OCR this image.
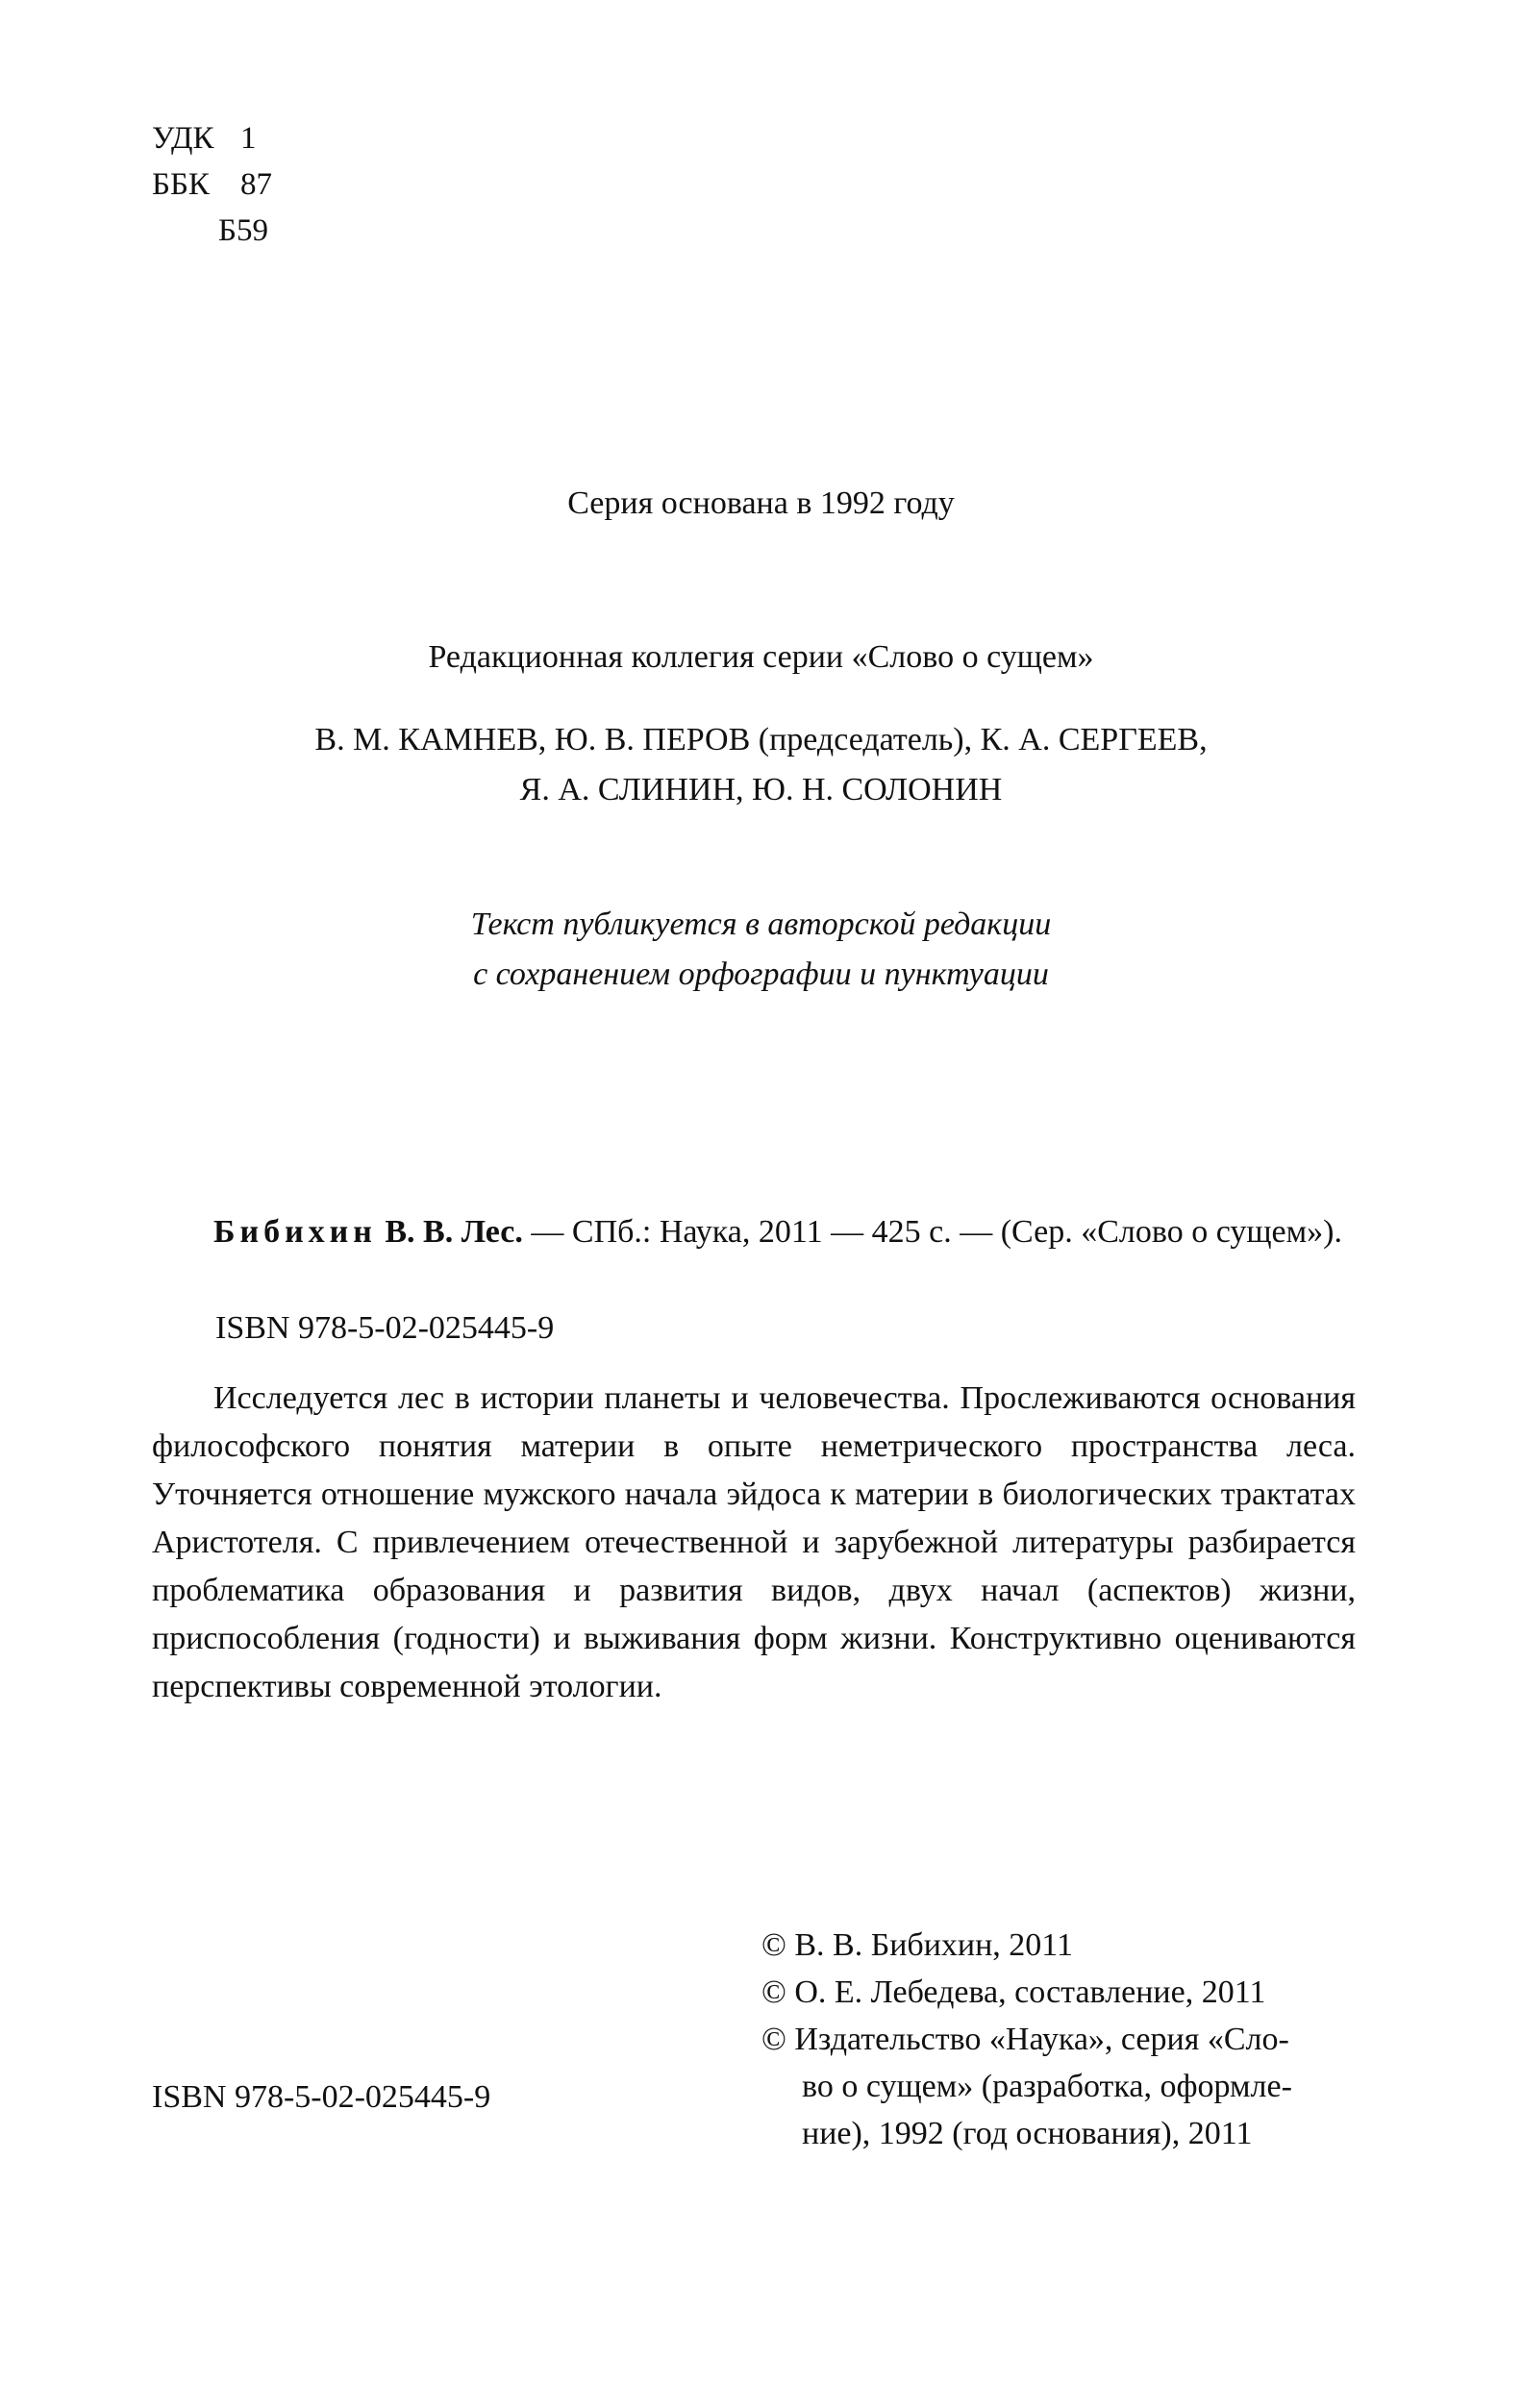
УДК 1
ББК 87
Б59
Серия основана в 1992 году
Редакционная коллегия серии «Слово о сущем»
В. М. КАМНЕВ, Ю. В. ПЕРОВ (председатель), К. А. СЕРГЕЕВ,
Я. А. СЛИНИН, Ю. Н. СОЛОНИН
Текст публикуется в авторской редакции
с сохранением орфографии и пунктуации
Бибихин В. В. Лес. — СПб.: Наука, 2011 — 425 с. — (Сер. «Слово о сущем»).
ISBN 978-5-02-025445-9
Исследуется лес в истории планеты и человечества. Прослеживаются основания философского понятия материи в опыте неметрического пространства леса. Уточняется отношение мужского начала эйдоса к материи в биологических трактатах Аристотеля. С привлечением отечественной и зарубежной литературы разбирается проблематика образования и развития видов, двух начал (аспектов) жизни, приспособления (годности) и выживания форм жизни. Конструктивно оцениваются перспективы современной этологии.
© В. В. Бибихин, 2011
© О. Е. Лебедева, составление, 2011
© Издательство «Наука», серия «Сло-
во о сущем» (разработка, оформле-
ние), 1992 (год основания), 2011
ISBN 978-5-02-025445-9
